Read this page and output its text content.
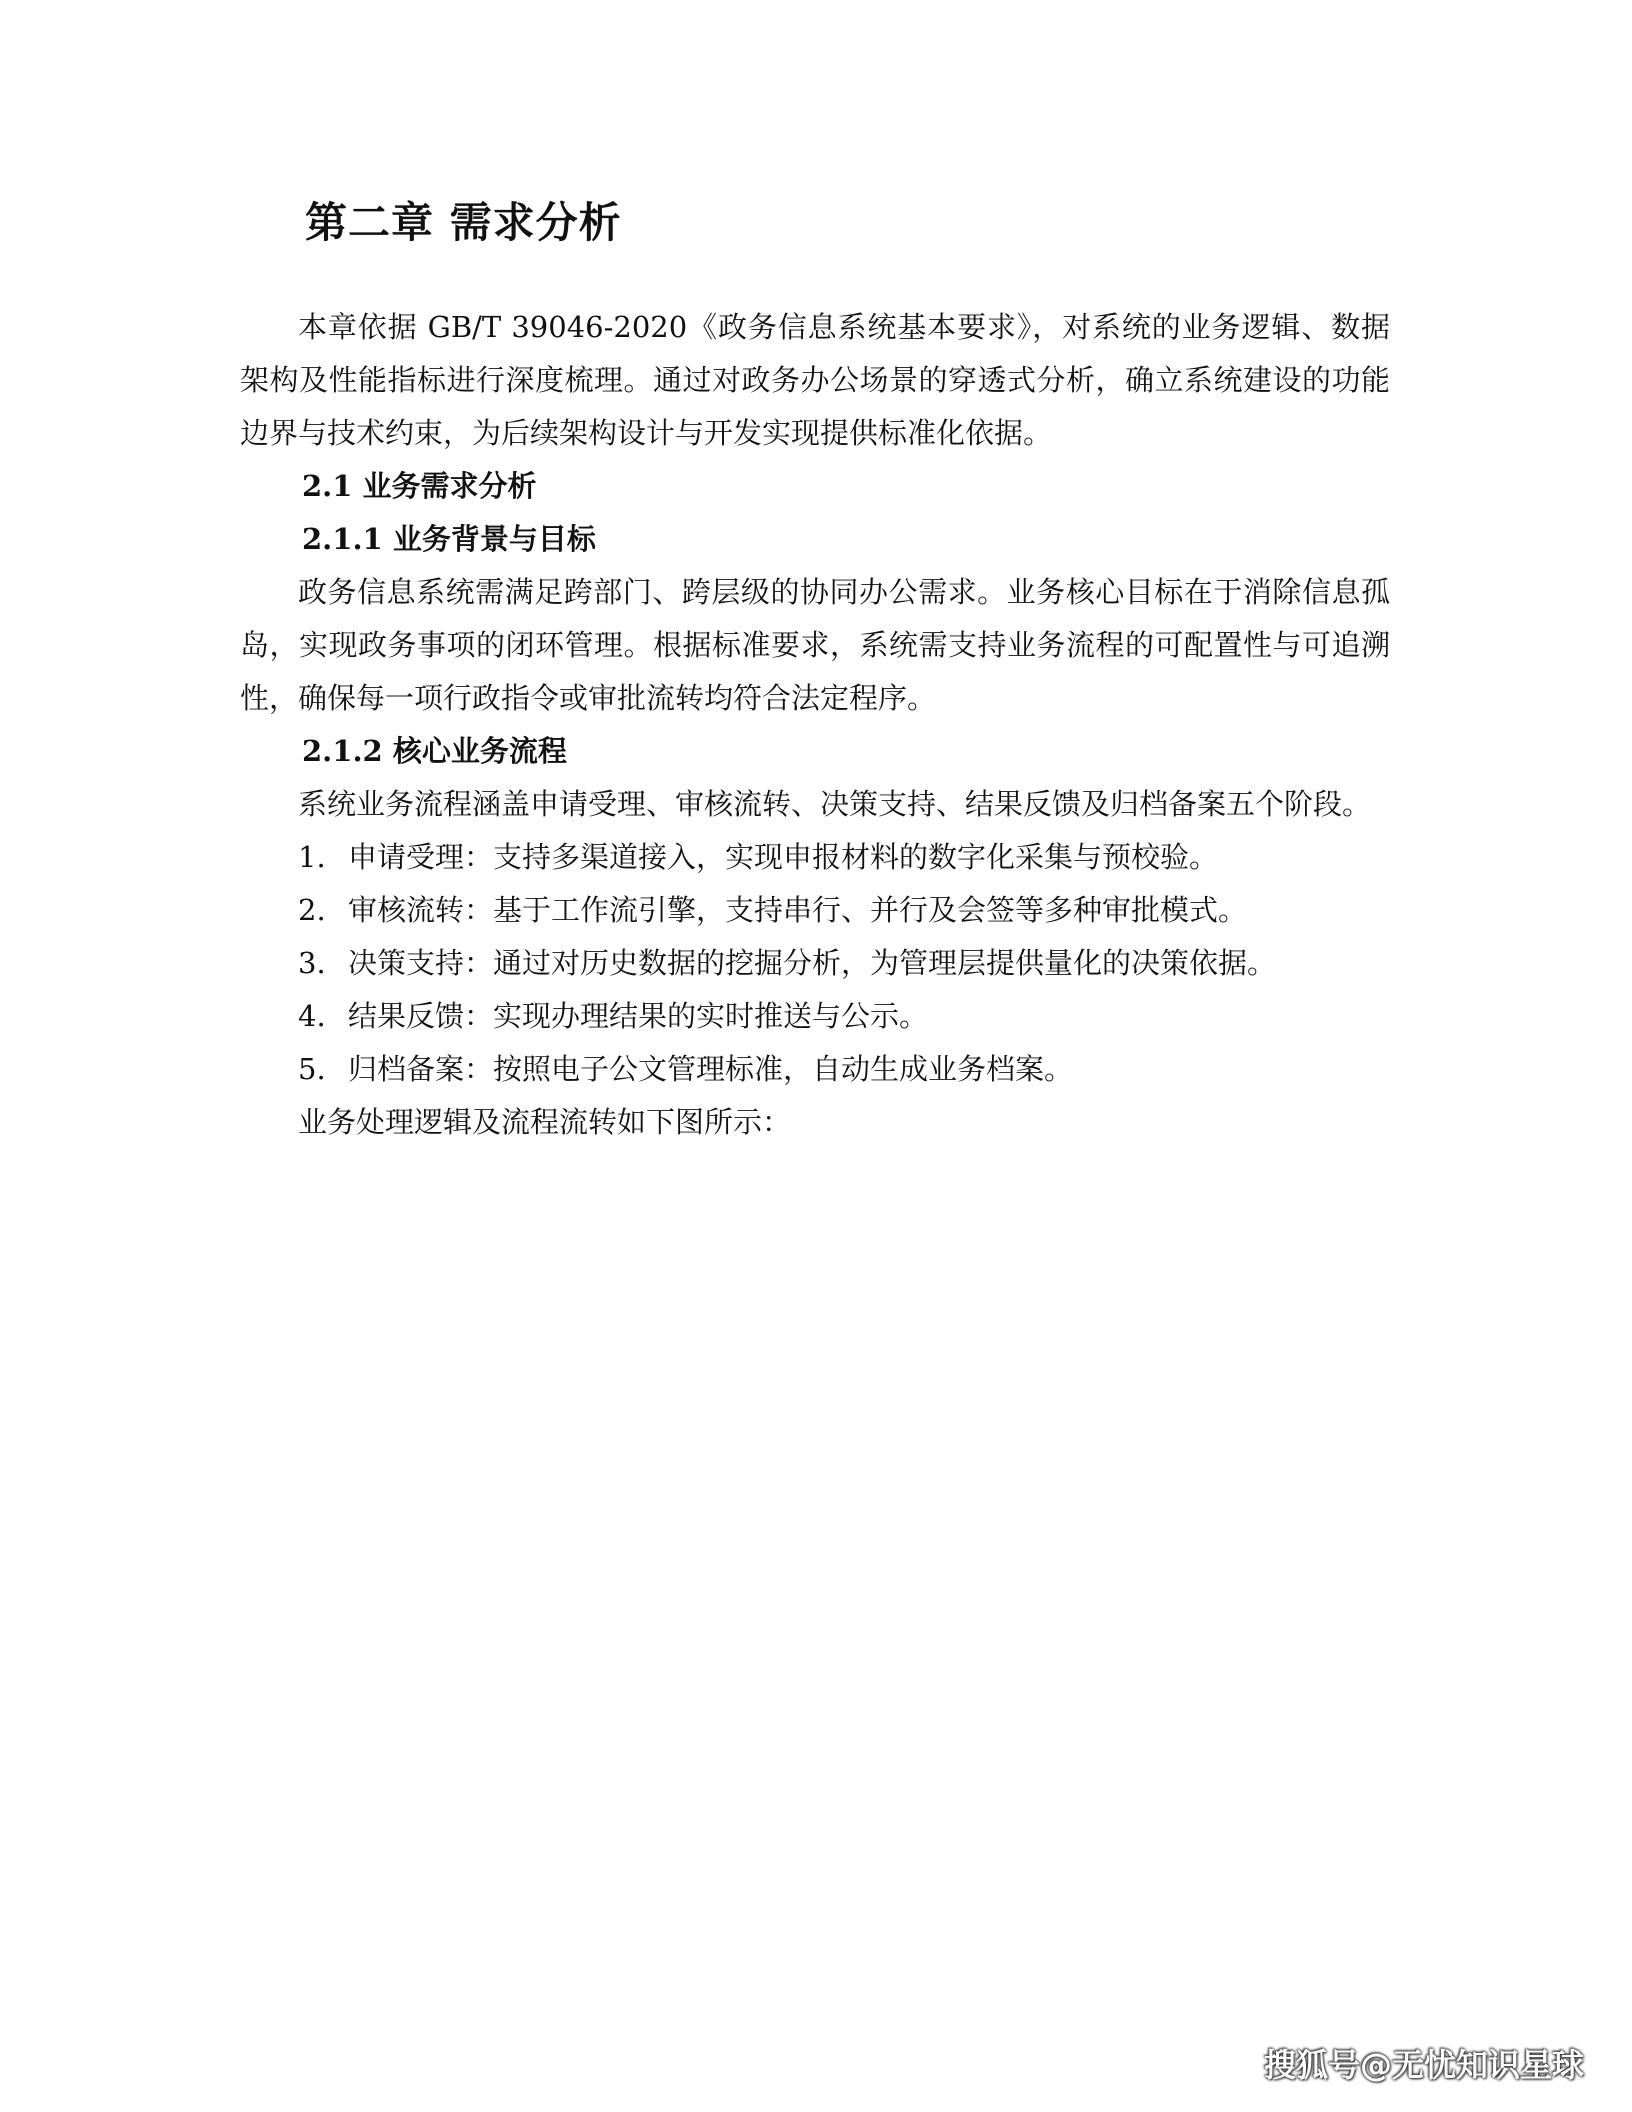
第二章 需求分析

本章依据 GB/T 39046-2020《政务信息系统基本要求》，对系统的业务逻辑、数据架构及性能指标进行深度梳理。通过对政务办公场景的穿透式分析，确立系统建设的功能边界与技术约束，为后续架构设计与开发实现提供标准化依据。

2.1 业务需求分析
2.1.1 业务背景与目标

政务信息系统需满足跨部门、跨层级的协同办公需求。业务核心目标在于消除信息孤岛，实现政务事项的闭环管理。根据标准要求，系统需支持业务流程的可配置性与可追溯性，确保每一项行政指令或审批流转均符合法定程序。

2.1.2 核心业务流程

系统业务流程涵盖申请受理、审核流转、决策支持、结果反馈及归档备案五个阶段。

1. 申请受理：支持多渠道接入，实现申报材料的数字化采集与预校验。
2. 审核流转：基于工作流引擎，支持串行、并行及会签等多种审批模式。
3. 决策支持：通过对历史数据的挖掘分析，为管理层提供量化的决策依据。
4. 结果反馈：实现办理结果的实时推送与公示。
5. 归档备案：按照电子公文管理标准，自动生成业务档案。

业务处理逻辑及流程流转如下图所示：

搜狐号@无忧知识星球
